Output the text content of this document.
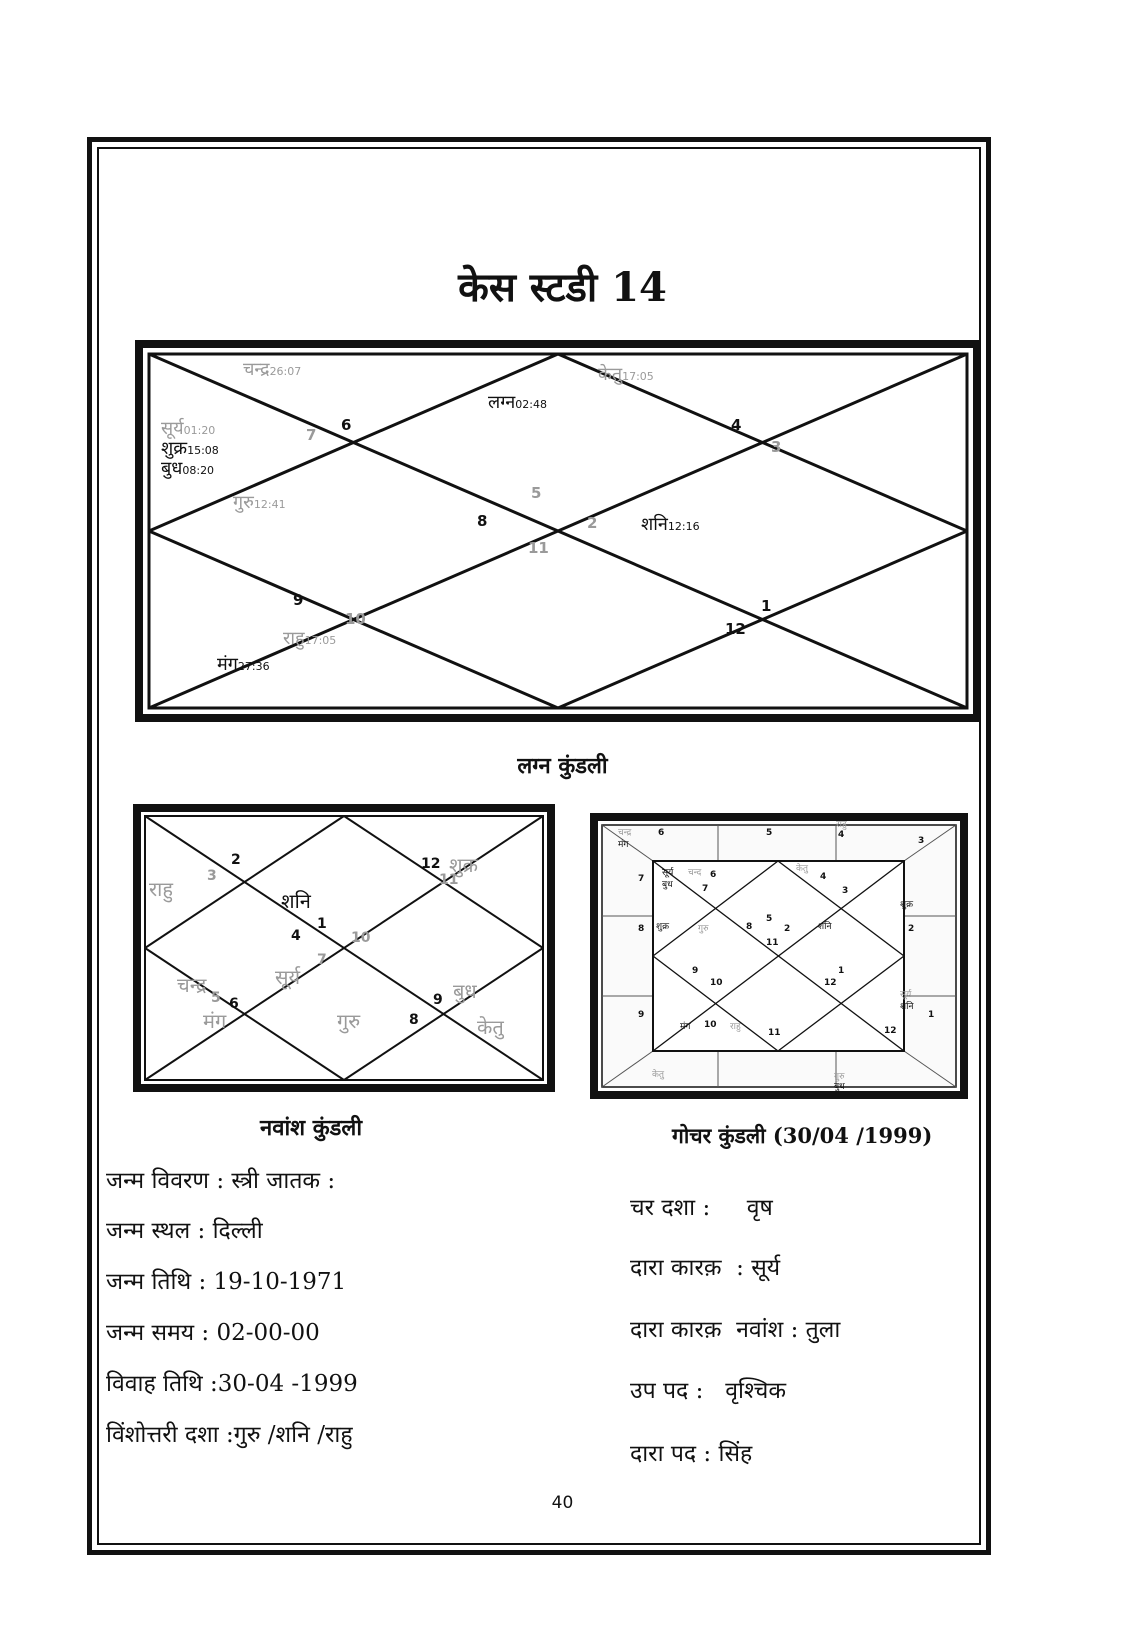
केस स्टडी 14
6
7
4
3
5
8	2
11
9
10
1
12
चन्द्र26:07	केतु17:05
लग्न02:48
सूर्य01:20
शुक्र15:08
बुध08:20
गुरु12:41
शनि12:16
राहु17:05
मंग27:36
लग्न कुंडली
2
3
12
11
1
4	10
7
6
5	9
8
राहु	शनि
शुक्र
चन्द्र
मंग
सूर्य
गुरु
बुध
केतु
नवांश कुंडली
6	5	4
3
7
8	2
9	1
10
11	12
6
7
4
3
5
8	2
11
9
10
1
12
चन्द्र
मंग
राहु
शुक्र
सूर्य
शनि
केतु	गुरु
बुध
सूर्य चन्द
बुध
केतु
शुक्र	गुरु	शनि
मंग	राहु
गोचर कुंडली (30/04 /1999)
जन्म विवरण : स्त्री जातक :
जन्म स्थल : दिल्ली
जन्म तिथि : 19-10-1971
जन्म समय : 02-00-00
विवाह तिथि :30-04 -1999
विंशोत्तरी दशा :गुरु /शनि /राहु
चर दशा :     वृष
दारा कारक़  : सूर्य
दारा कारक़  नवांश : तुला
उप पद :   वृश्चिक
दारा पद : सिंह
40
